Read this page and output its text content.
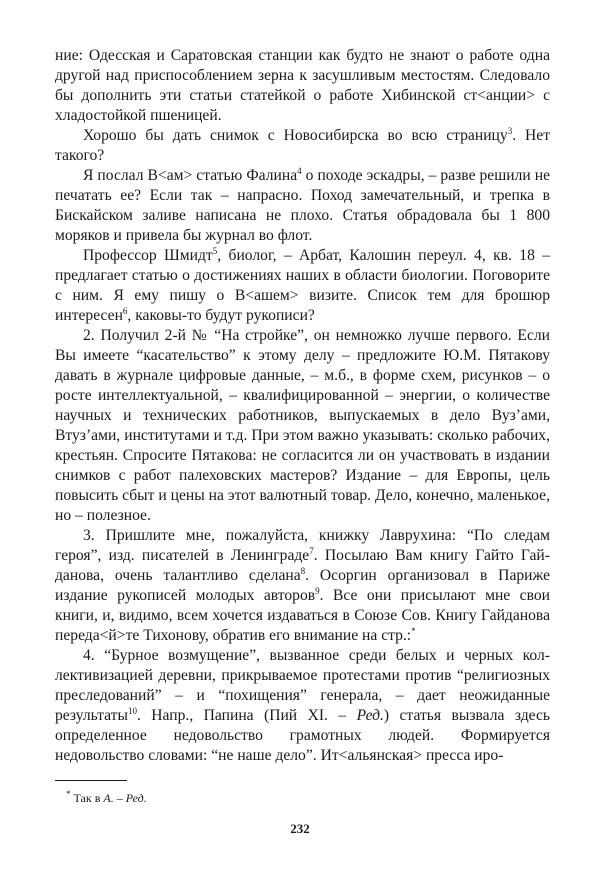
ние: Одесская и Саратовская станции как будто не знают о работе одна другой над приспособлением зерна к засушливым местостям. Следовало бы дополнить эти статьи статейкой о работе Хибинской ст<анции> с хладостойкой пшеницей.

Хорошо бы дать снимок с Новосибирска во всю страницу$^3$. Нет такого?

Я послал В<ам> статью Фалина$^4$ о походе эскадры, – разве решили не печатать ее? Если так – напрасно. Поход замечательный, и трепка в Бискайском заливе написана не плохо. Статья обрадовала бы 1 800 моряков и привела бы журнал во флот.

Профессор Шмидт$^5$, биолог, – Арбат, Калошин переул. 4, кв. 18 – предлагает статью о достижениях наших в области биологии. Поговорите с ним. Я ему пишу о В<ашем> визите. Список тем для брошюр интересен$^6$, каковы-то будут рукописи?

2. Получил 2-й № “На стройке”, он немножко лучше первого. Если Вы имеете “касательство” к этому делу – предложите Ю.М. Пятакову давать в журнале цифровые данные, – м.б., в форме схем, рисунков – о росте интеллектуальной, – квалифицированной – энергии, о количестве научных и технических работников, выпускаемых в дело Вуз’ами, Втуз’ами, институтами и т.д. При этом важно указывать: сколько рабочих, крестьян. Спросите Пятакова: не согласится ли он участвовать в издании снимков с работ палеховских мастеров? Издание – для Европы, цель повысить сбыт и цены на этот валютный товар. Дело, конечно, маленькое, но – полезное.

3. Пришлите мне, пожалуйста, книжку Лаврухина: “По следам героя”, изд. писателей в Ленинграде$^7$. Посылаю Вам книгу Гайто Гайданова, очень талантливо сделана$^8$. Осоргин организовал в Париже издание рукописей молодых авторов$^9$. Все они присылают мне свои книги, и, видимо, всем хочется издаваться в Союзе Сов. Книгу Гайданова переда<й>те Тихонову, обратив его внимание на стр.:*

4. “Бурное возмущение”, вызванное среди белых и черных коллективизацией деревни, прикрываемое протестами против “религиозных преследований” – и “похищения” генерала, – дает неожиданные результаты$^{10}$. Напр., Папина (Пий XI. – Ред.) статья вызвала здесь определенное недовольство грамотных людей. Формируется недовольство словами: “не наше дело”. Ит<альянская> пресса иро-

* Так в А. – Ред.
232
